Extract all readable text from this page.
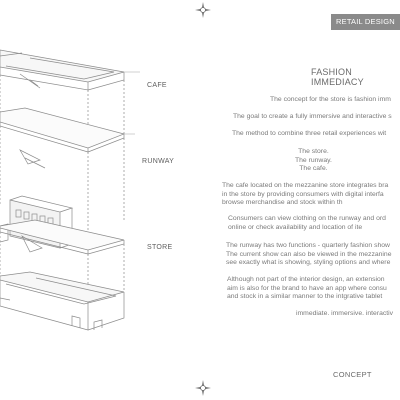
RETAIL DESIGN
CAFE
RUNWAY
STORE
FASHION IMMEDIACY

The concept for the store is fashion imm

The goal to create a fully immersive and interactive s

The method to combine three retail experiences wit

The store.
The runway.
The cafe.

The cafe located on the mezzanine store integrates bra
in the store by providing consumers with digital interfa
browse merchandise and stock within th

Consumers can view clothing on the runway and ord
online or check availability and location of ite

The runway has two functions - quarterly fashion show
The current show can also be viewed in the mezzanine
see exactly what is showing, styling options and where

Although not part of the interior design, an extension
aim is also for the brand to have an app where consu
and stock in a similar manner to the intgrative tablet

immediate. immersive. interactiv

CONCEPT
